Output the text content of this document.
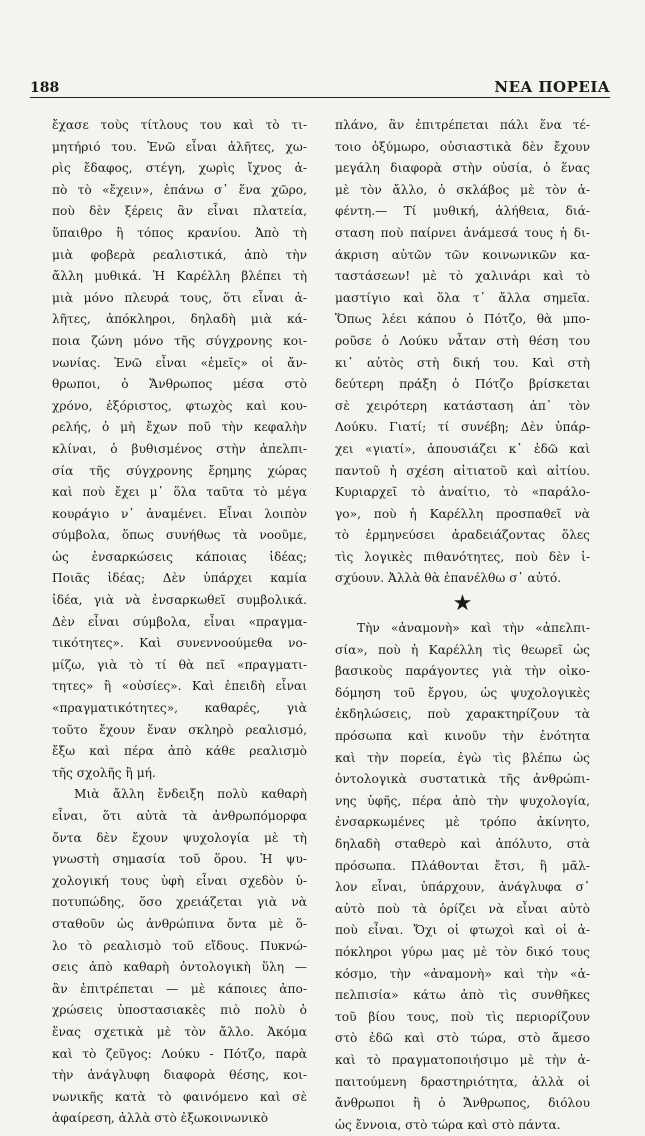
188	ΝΕΑ ΠΟΡΕΙΑ
ἔχασε τοὺς τίτλους του καὶ τὸ τι-
μητήριό του. Ἐνῶ εἶναι ἀλῆτες, χω-
ρὶς ἔδαφος, στέγη, χωρὶς ἴχνος ἀ-
πὸ τὸ «ἔχειν», ἐπάνω σ᾽ ἕνα χῶρο,
ποὺ δὲν ξέρεις ἂν εἶναι πλατεία,
ὕπαιθρο ἢ τόπος κρανίου. Ἀπὸ τὴ
μιὰ φοβερὰ ρεαλιστικά, ἀπὸ τὴν
ἄλλη μυθικά. Ἡ Καρέλλη βλέπει τὴ
μιὰ μόνο πλευρά τους, ὅτι εἶναι ἀ-
λῆτες, ἀπόκληροι, δηλαδὴ μιὰ κά-
ποια ζώνη μόνο τῆς σύγχρονης κοι-
νωνίας. Ἐνῶ εἶναι «ἐμεῖς» οἱ ἄν-
θρωποι, ὁ Ἄνθρωπος μέσα στὸ
χρόνο, ἐξόριστος, φτωχὸς καὶ κου-
ρελής, ὁ μὴ ἔχων ποῦ τὴν κεφαλὴν
κλίναι, ὁ βυθισμένος στὴν ἀπελπι-
σία τῆς σύγχρονης ἔρημης χώρας
καὶ ποὺ ἔχει μ᾽ ὅλα ταῦτα τὸ μέγα
κουράγιο ν᾽ ἀναμένει. Εἶναι λοιπὸν
σύμβολα, ὅπως συνήθως τὰ νοοῦμε,
ὡς ἐνσαρκώσεις κάποιας ἰδέας;
Ποιᾶς ἰδέας; Δὲν ὑπάρχει καμία
ἰδέα, γιὰ νὰ ἐνσαρκωθεῖ συμβολικά.
Δὲν εἶναι σύμβολα, εἶναι «πραγμα-
τικότητες». Καὶ συνεννοούμεθα νο-
μίζω, γιὰ τὸ τί θὰ πεῖ «πραγματι-
τητες» ἢ «οὐσίες». Καὶ ἐπειδὴ εἶναι
«πραγματικότητες», καθαρές, γιὰ
τοῦτο ἔχουν ἕναν σκληρὸ ρεαλισμό,
ἔξω καὶ πέρα ἀπὸ κάθε ρεαλισμὸ
τῆς σχολῆς ἢ μή.
Μιὰ ἄλλη ἔνδειξη πολὺ καθαρὴ
εἶναι, ὅτι αὐτὰ τὰ ἀνθρωπόμορφα
ὄντα δὲν ἔχουν ψυχολογία μὲ τὴ
γνωστὴ σημασία τοῦ ὅρου. Ἡ ψυ-
χολογική τους ὑφὴ εἶναι σχεδὸν ὑ-
ποτυπώδης, ὅσο χρειάζεται γιὰ νὰ
σταθοῦν ὡς ἀνθρώπινα ὄντα μὲ ὅ-
λο τὸ ρεαλισμὸ τοῦ εἴδους. Πυκνώ-
σεις ἀπὸ καθαρὴ ὀντολογικὴ ὕλη —
ἂν ἐπιτρέπεται — μὲ κάποιες ἀπο-
χρώσεις ὑποστασιακὲς πιὸ πολὺ ὁ
ἕνας σχετικὰ μὲ τὸν ἄλλο. Ἀκόμα
καὶ τὸ ζεῦγος: Λούκυ - Πότζο, παρὰ
τὴν ἀνάγλυφη διαφορὰ θέσης, κοι-
νωνικῆς κατὰ τὸ φαινόμενο καὶ σὲ
ἀφαίρεση, ἀλλὰ στὸ ἐξωκοινωνικὸ
πλάνο, ἂν ἐπιτρέπεται πάλι ἕνα τέ-
τοιο ὀξύμωρο, οὐσιαστικὰ δὲν ἔχουν
μεγάλη διαφορὰ στὴν οὐσία, ὁ ἕνας
μὲ τὸν ἄλλο, ὁ σκλάβος μὲ τὸν ἀ-
φέντη.— Τί μυθική, ἀλήθεια, διά-
σταση ποὺ παίρνει ἀνάμεσά τους ἡ δι-
άκριση αὐτῶν τῶν κοινωνικῶν κα-
ταστάσεων! μὲ τὸ χαλινάρι καὶ τὸ
μαστίγιο καὶ ὅλα τ᾽ ἄλλα σημεῖα.
Ὅπως λέει κάπου ὁ Πότζο, θὰ μπο-
ροῦσε ὁ Λούκυ νἆταν στὴ θέση του
κι᾽ αὐτὸς στὴ δική του. Καὶ στὴ
δεύτερη πράξη ὁ Πότζο βρίσκεται
σὲ χειρότερη κατάσταση ἀπ᾽ τὸν
Λούκυ. Γιατί; τί συνέβη; Δὲν ὑπάρ-
χει «γιατί», ἀπουσιάζει κ᾽ ἐδῶ καὶ
παντοῦ ἡ σχέση αἰτιατοῦ καὶ αἰτίου.
Κυριαρχεῖ τὸ ἀναίτιο, τὸ «παράλο-
γο», ποὺ ἡ Καρέλλη προσπαθεῖ νὰ
τὸ ἑρμηνεύσει ἀραδειάζοντας ὅλες
τὶς λογικὲς πιθανότητες, ποὺ δὲν ἰ-
σχύουν. Ἀλλὰ θὰ ἐπανέλθω σ᾽ αὐτό.
★
Τὴν «ἀναμονὴ» καὶ τὴν «ἀπελπι-
σία», ποὺ ἡ Καρέλλη τὶς θεωρεῖ ὡς
βασικοὺς παράγοντες γιὰ τὴν οἰκο-
δόμηση τοῦ ἔργου, ὡς ψυχολογικὲς
ἐκδηλώσεις, ποὺ χαρακτηρίζουν τὰ
πρόσωπα καὶ κινοῦν τὴν ἑνότητα
καὶ τὴν πορεία, ἐγὼ τὶς βλέπω ὡς
ὀντολογικὰ συστατικὰ τῆς ἀνθρώπι-
νης ὑφῆς, πέρα ἀπὸ τὴν ψυχολογία,
ἐνσαρκωμένες μὲ τρόπο ἀκίνητο,
δηλαδὴ σταθερὸ καὶ ἀπόλυτο, στὰ
πρόσωπα. Πλάθονται ἔτσι, ἢ μᾶλ-
λον εἶναι, ὑπάρχουν, ἀνάγλυφα σ᾽
αὐτὸ ποὺ τὰ ὁρίζει νὰ εἶναι αὐτὸ
ποὺ εἶναι. Ὄχι οἱ φτωχοὶ καὶ οἱ ἀ-
πόκληροι γύρω μας μὲ τὸν δικό τους
κόσμο, τὴν «ἀναμονὴ» καὶ τὴν «ἀ-
πελπισία» κάτω ἀπὸ τὶς συνθῆκες
τοῦ βίου τους, ποὺ τὶς περιορίζουν
στὸ ἐδῶ καὶ στὸ τώρα, στὸ ἄμεσο
καὶ τὸ πραγματοποιήσιμο μὲ τὴν ἀ-
παιτούμενη δραστηριότητα, ἀλλὰ οἱ
ἄνθρωποι ἢ ὁ Ἄνθρωπος, διόλου
ὡς ἔννοια, στὸ τώρα καὶ στὸ πάντα.
